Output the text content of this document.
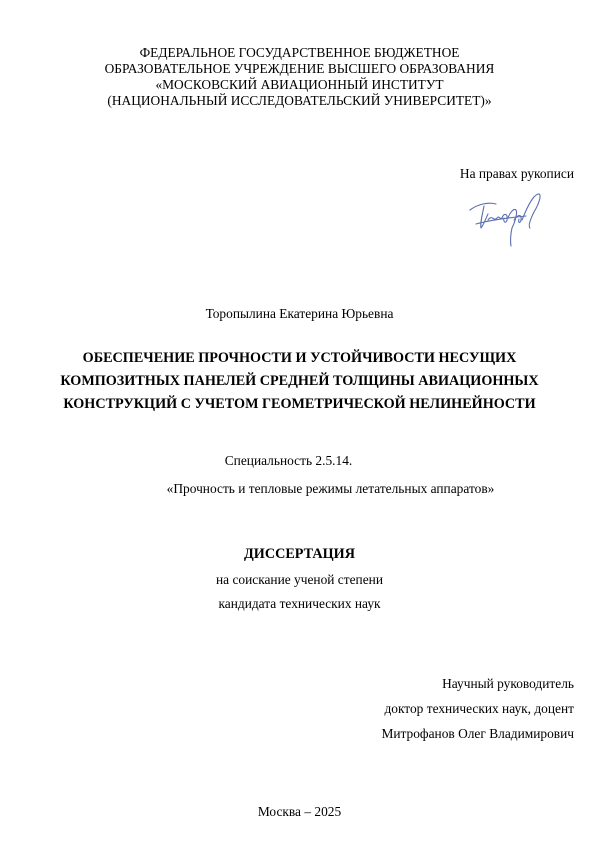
ФЕДЕРАЛЬНОЕ ГОСУДАРСТВЕННОЕ БЮДЖЕТНОЕ
ОБРАЗОВАТЕЛЬНОЕ УЧРЕЖДЕНИЕ ВЫСШЕГО ОБРАЗОВАНИЯ
«МОСКОВСКИЙ АВИАЦИОННЫЙ ИНСТИТУТ
(НАЦИОНАЛЬНЫЙ ИССЛЕДОВАТЕЛЬСКИЙ УНИВЕРСИТЕТ)»
На правах рукописи
Торопылина Екатерина Юрьевна
ОБЕСПЕЧЕНИЕ ПРОЧНОСТИ И УСТОЙЧИВОСТИ НЕСУЩИХ
КОМПОЗИТНЫХ ПАНЕЛЕЙ СРЕДНЕЙ ТОЛЩИНЫ АВИАЦИОННЫХ
КОНСТРУКЦИЙ С УЧЕТОМ ГЕОМЕТРИЧЕСКОЙ НЕЛИНЕЙНОСТИ
Специальность 2.5.14.
«Прочность и тепловые режимы летательных аппаратов»
ДИССЕРТАЦИЯ
на соискание ученой степени
кандидата технических наук
Научный руководитель
доктор технических наук, доцент
Митрофанов Олег Владимирович
Москва – 2025
